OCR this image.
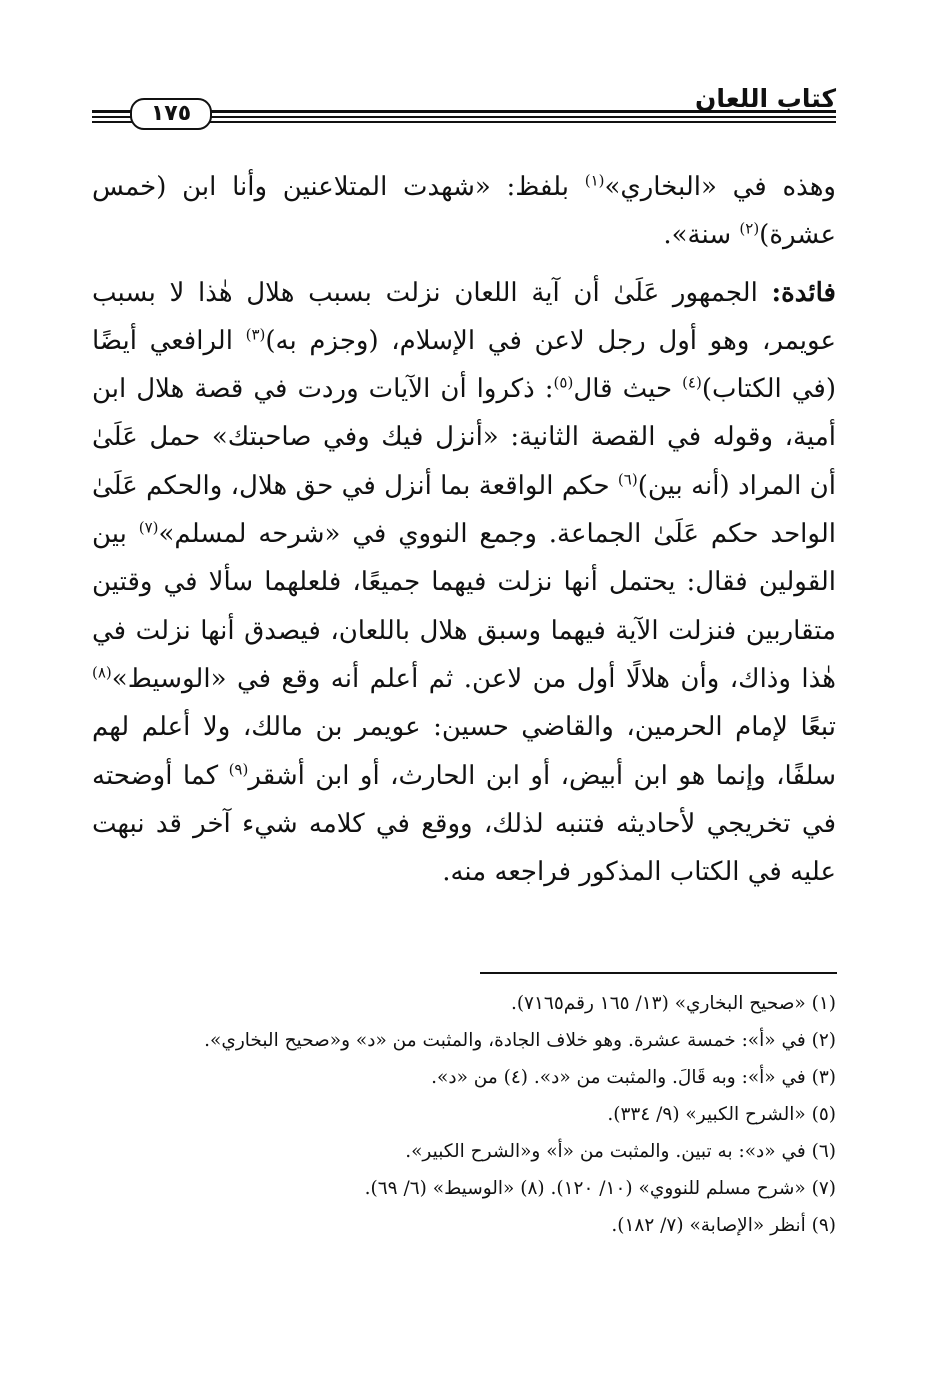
كتاب اللعان
١٧٥

وهذه في «البخاري»$^{(١)}$ بلفظ: «شهدت المتلاعنين وأنا ابن (خمس عشرة)$^{(٢)}$ سنة».

فائدة: الجمهور عَلَىٰ أن آية اللعان نزلت بسبب هلال هٰذا لا بسبب عويمر، وهو أول رجل لاعن في الإسلام، (وجزم به)$^{(٣)}$ الرافعي أيضًا (في الكتاب)$^{(٤)}$ حيث قال$^{(٥)}$: ذكروا أن الآيات وردت في قصة هلال ابن أمية، وقوله في القصة الثانية: «أنزل فيك وفي صاحبتك» حمل عَلَىٰ أن المراد (أنه بين)$^{(٦)}$ حكم الواقعة بما أنزل في حق هلال، والحكم عَلَىٰ الواحد حكم عَلَىٰ الجماعة. وجمع النووي في «شرحه لمسلم»$^{(٧)}$ بين القولين فقال: يحتمل أنها نزلت فيهما جميعًا، فلعلهما سألا في وقتين متقاربين فنزلت الآية فيهما وسبق هلال باللعان، فيصدق أنها نزلت في هٰذا وذاك، وأن هلالًا أول من لاعن. ثم أعلم أنه وقع في «الوسيط»$^{(٨)}$ تبعًا لإمام الحرمين، والقاضي حسين: عويمر بن مالك، ولا أعلم لهم سلفًا، وإنما هو ابن أبيض، أو ابن الحارث، أو ابن أشقر$^{(٩)}$ كما أوضحته في تخريجي لأحاديثه فتنبه لذلك، ووقع في كلامه شيء آخر قد نبهت عليه في الكتاب المذكور فراجعه منه.

(١) «صحيح البخاري» (١٣/ ١٦٥ رقم٧١٦٥).
(٢) في «أ»: خمسة عشرة. وهو خلاف الجادة، والمثبت من «د» و«صحيح البخاري».
(٣) في «أ»: وبه قَالَ. والمثبت من «د». (٤) من «د».
(٥) «الشرح الكبير» (٩/ ٣٣٤).
(٦) في «د»: به تبين. والمثبت من «أ» و«الشرح الكبير».
(٧) «شرح مسلم للنووي» (١٠/ ١٢٠). (٨) «الوسيط» (٦/ ٦٩).
(٩) أنظر «الإصابة» (٧/ ١٨٢).
